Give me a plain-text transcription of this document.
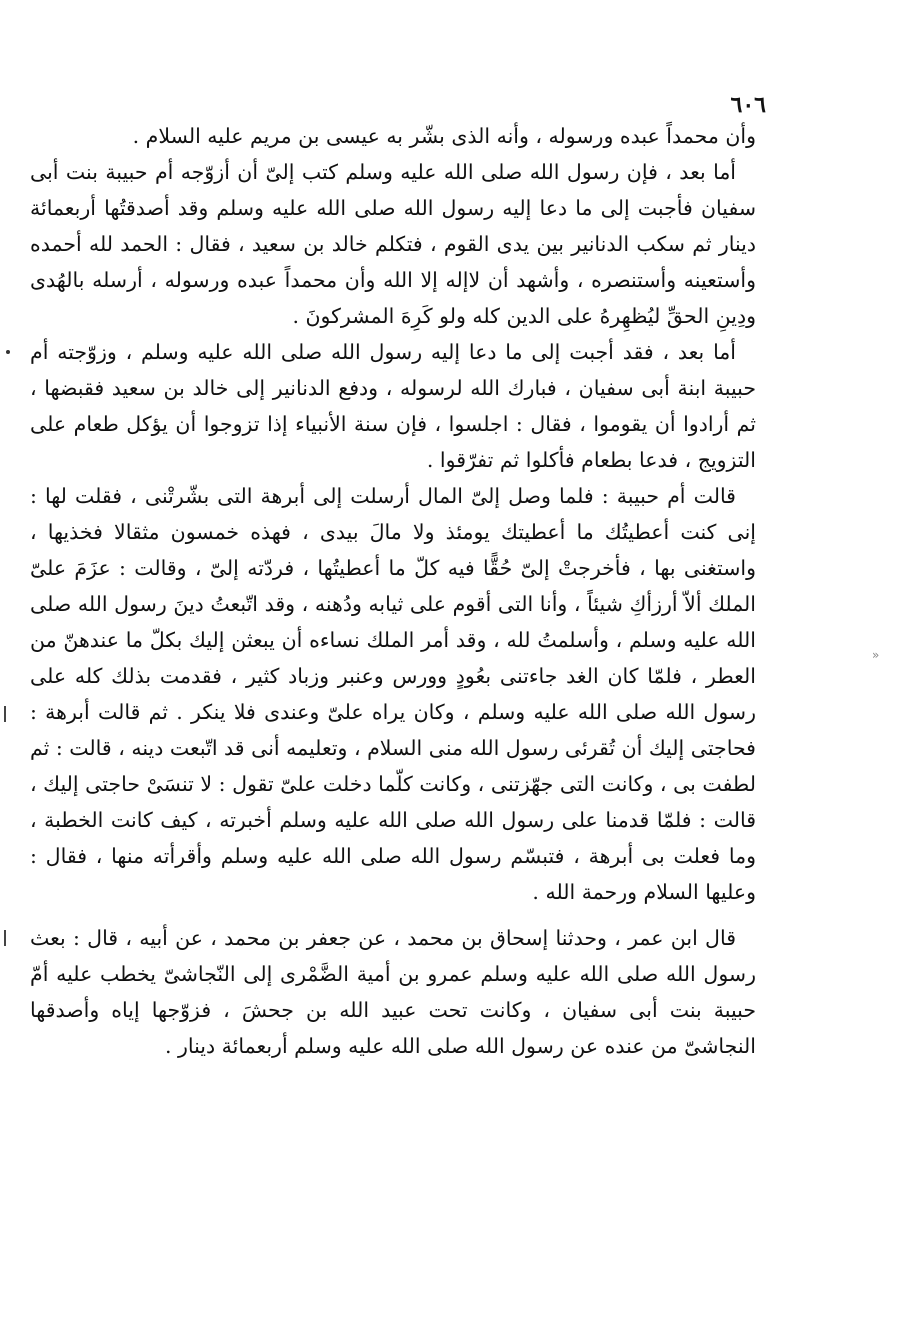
٦٠٦

وأن محمداً عبده ورسوله ، وأنه الذى بشّر به عيسى بن مريم عليه السلام .

أما بعد ، فإن رسول الله صلى الله عليه وسلم كتب إلىّ أن أزوّجه أم حبيبة بنت أبى سفيان فأجبت إلى ما دعا إليه رسول الله صلى الله عليه وسلم وقد أصدقتُها أربعمائة دينار ثم سكب الدنانير بين يدى القوم ، فتكلم خالد بن سعيد ، فقال : الحمد لله أحمده وأستعينه وأستنصره ، وأشهد أن لاإله إلا الله وأن محمداً عبده ورسوله ، أرسله بالهُدى ودِينِ الحقِّ ليُظهِرهُ على الدين كله ولو كَرِهَ المشركونَ .

أما بعد ، فقد أجبت إلى ما دعا إليه رسول الله صلى الله عليه وسلم ، وزوّجته أم حبيبة ابنة أبى سفيان ، فبارك الله لرسوله ، ودفع الدنانير إلى خالد بن سعيد فقبضها ، ثم أرادوا أن يقوموا ، فقال : اجلسوا ، فإن سنة الأنبياء إذا تزوجوا أن يؤكل طعام على التزويج ، فدعا بطعام فأكلوا ثم تفرّقوا .

قالت أم حبيبة : فلما وصل إلىّ المال أرسلت إلى أبرهة التى بشّرتْنى ، فقلت لها : إنى كنت أعطيتُك ما أعطيتك يومئذ ولا مالَ بيدى ، فهذه خمسون مثقالا فخذيها ، واستغنى بها ، فأخرجتْ إلىّ حُقًّا فيه كلّ ما أعطيتُها ، فردّته إلىّ ، وقالت : عزَمَ علىّ الملك ألاّ أرزأكِ شيئاً ، وأنا التى أقوم على ثيابه ودُهنه ، وقد اتّبعتُ دينَ رسول الله صلى الله عليه وسلم ، وأسلمتُ لله ، وقد أمر الملك نساءه أن يبعثن إليك بكلّ ما عندهنّ من العطر ، فلمّا كان الغد جاءتنى بعُودٍ وورس وعنبر وزباد كثير ، فقدمت بذلك كله على رسول الله صلى الله عليه وسلم ، وكان يراه علىّ وعندى فلا ينكر . ثم قالت أبرهة : فحاجتى إليك أن تُقرئى رسول الله منى السلام ، وتعليمه أنى قد اتّبعت دينه ، قالت : ثم لطفت بى ، وكانت التى جهّزتنى ، وكانت كلّما دخلت علىّ تقول : لا تنسَىْ حاجتى إليك ، قالت : فلمّا قدمنا على رسول الله صلى الله عليه وسلم أخبرته ، كيف كانت الخطبة ، وما فعلت بى أبرهة ، فتبسّم رسول الله صلى الله عليه وسلم وأقرأته منها ، فقال : وعليها السلام ورحمة الله .

قال ابن عمر ، وحدثنا إسحاق بن محمد ، عن جعفر بن محمد ، عن أبيه ، قال : بعث رسول الله صلى الله عليه وسلم عمرو بن أمية الضَّمْرى إلى النّجاشىّ يخطب عليه أمّ حبيبة بنت أبى سفيان ، وكانت تحت عبيد الله بن جحشَ ، فزوّجها إياه وأصدقها النجاشىّ من عنده عن رسول الله صلى الله عليه وسلم أربعمائة دينار .

»
